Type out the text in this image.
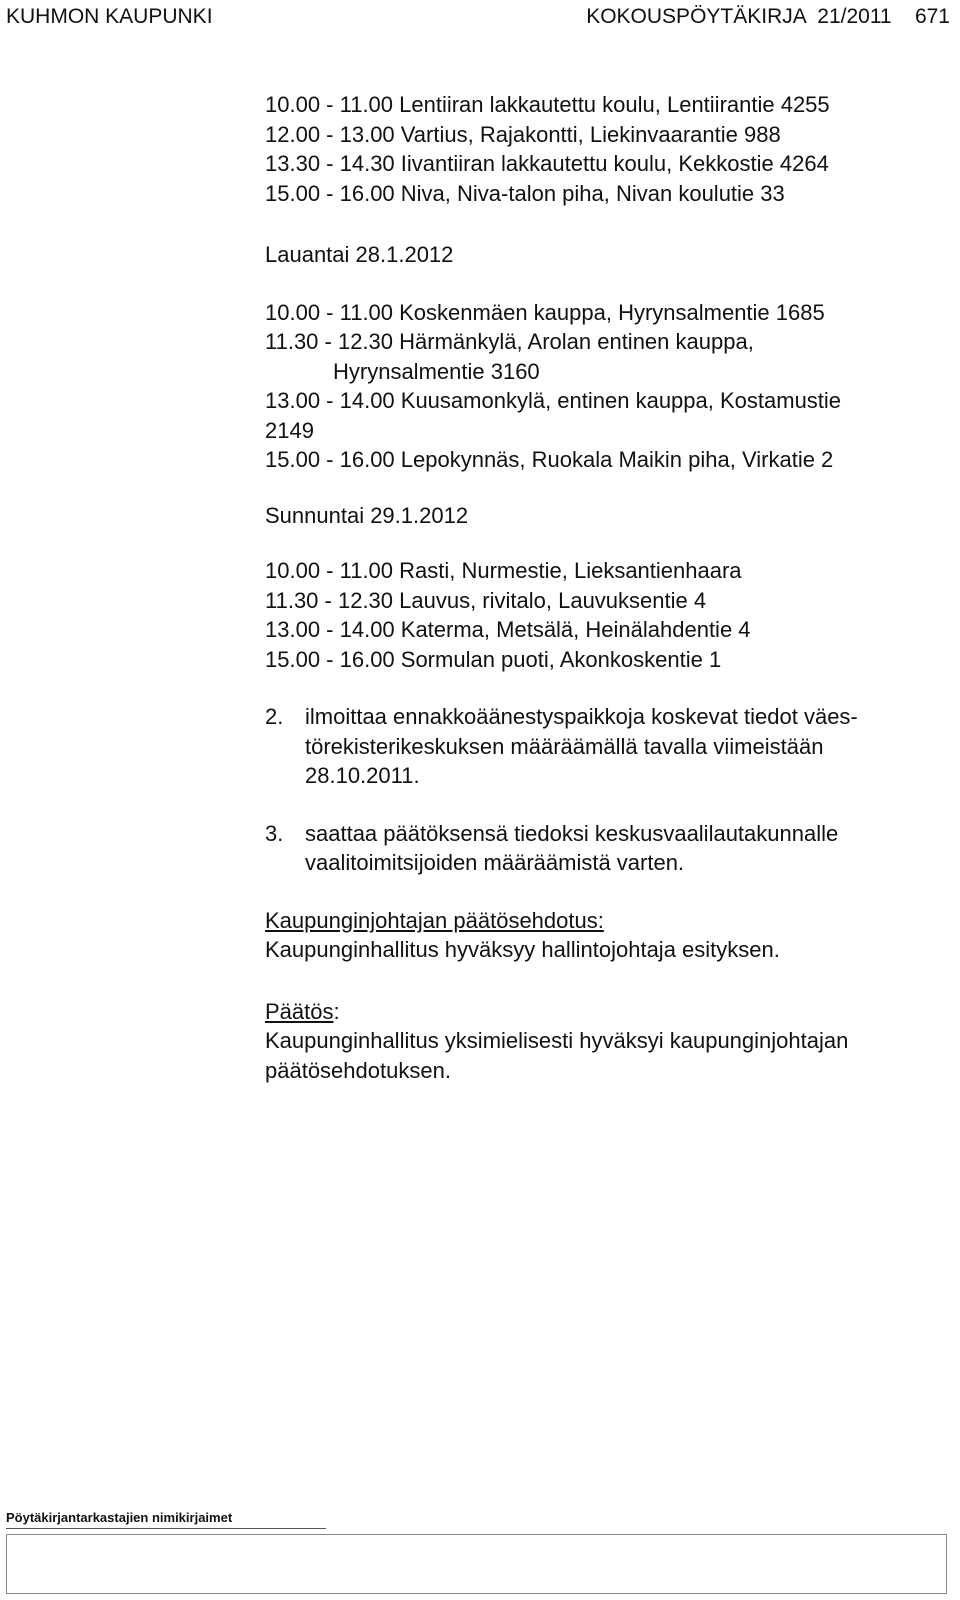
KUHMON KAUPUNKI	KOKOUSPÖYTÄKIRJA  21/2011    671
10.00 - 11.00 Lentiiran lakkautettu koulu, Lentiirantie 4255
12.00 - 13.00 Vartius, Rajakontti, Liekinvaarantie 988
13.30 - 14.30 Iivantiiran lakkautettu koulu, Kekkostie 4264
15.00 - 16.00 Niva, Niva-talon piha, Nivan koulutie 33
Lauantai 28.1.2012
10.00 - 11.00 Koskenmäen kauppa, Hyrynsalmentie 1685
11.30 - 12.30 Härmänkylä, Arolan entinen kauppa,
Hyrynsalmentie 3160
13.00 - 14.00 Kuusamonkylä, entinen kauppa, Kostamustie
2149
15.00 - 16.00 Lepokynnäs, Ruokala Maikin piha, Virkatie 2
Sunnuntai 29.1.2012
10.00 - 11.00 Rasti, Nurmestie, Lieksantienhaara
11.30 - 12.30 Lauvus, rivitalo, Lauvuksentie 4
13.00 - 14.00 Katerma, Metsälä, Heinälahdentie 4
15.00 - 16.00 Sormulan puoti, Akonkoskentie 1
2. ilmoittaa ennakkoäänestyspaikkoja koskevat tiedot väes-
törekisterikeskuksen määräämällä tavalla viimeistään
28.10.2011.
3. saattaa päätöksensä tiedoksi keskusvaalilautakunnalle
vaalitoimitsijoiden määräämistä varten.
Kaupunginjohtajan päätösehdotus:
Kaupunginhallitus hyväksyy hallintojohtaja esityksen.
Päätös:
Kaupunginhallitus yksimielisesti hyväksyi kaupunginjohtajan
päätösehdotuksen.
Pöytäkirjantarkastajien nimikirjaimet
